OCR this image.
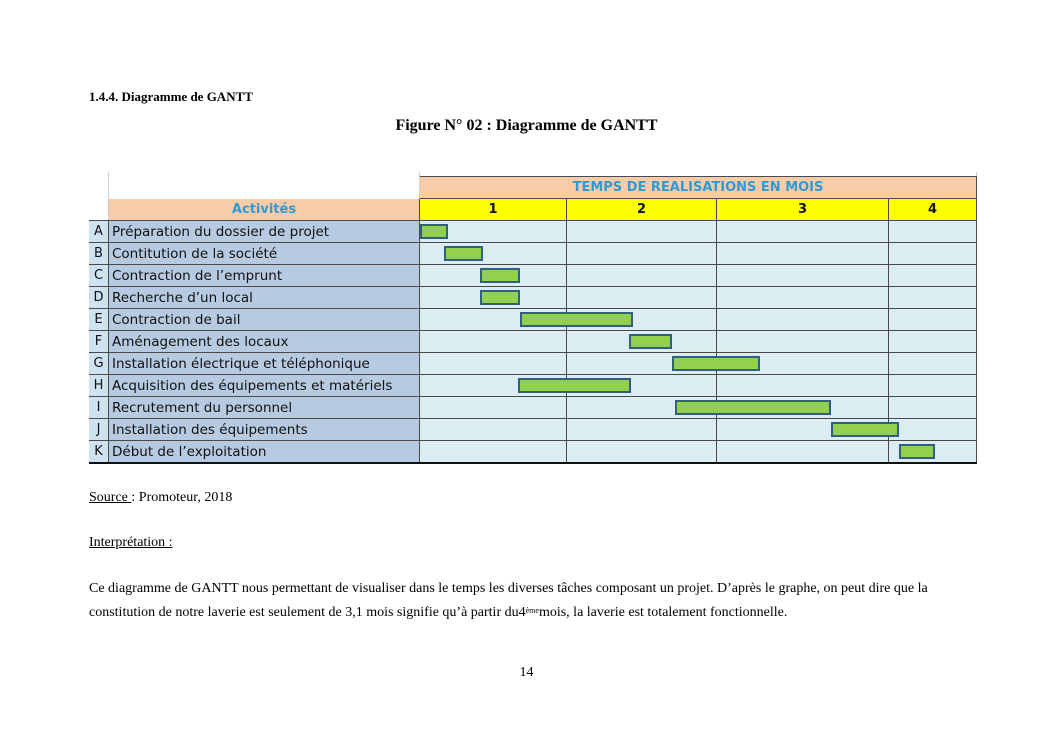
1.4.4. Diagramme de GANTT
Figure N° 02 : Diagramme de GANTT
TEMPS DE REALISATIONS EN MOIS
Activités	1	2	3	4
A Préparation du dossier de projet
B Contitution de la société
C Contraction de l’emprunt
D Recherche d’un local
E Contraction de bail
F Aménagement des locaux
G Installation électrique et téléphonique
H Acquisition des équipements et matériels
I Recrutement du personnel
J Installation des équipements
K Début de l’exploitation
Source : Promoteur, 2018
Interprétation :
Ce diagramme de GANTT nous permettant de visualiser dans le temps les diverses tâches composant un projet. D’après le graphe, on peut dire que la constitution de notre laverie est seulement de 3,1 mois signifie qu’à partir du4èmemois, la laverie est totalement fonctionnelle.
14
